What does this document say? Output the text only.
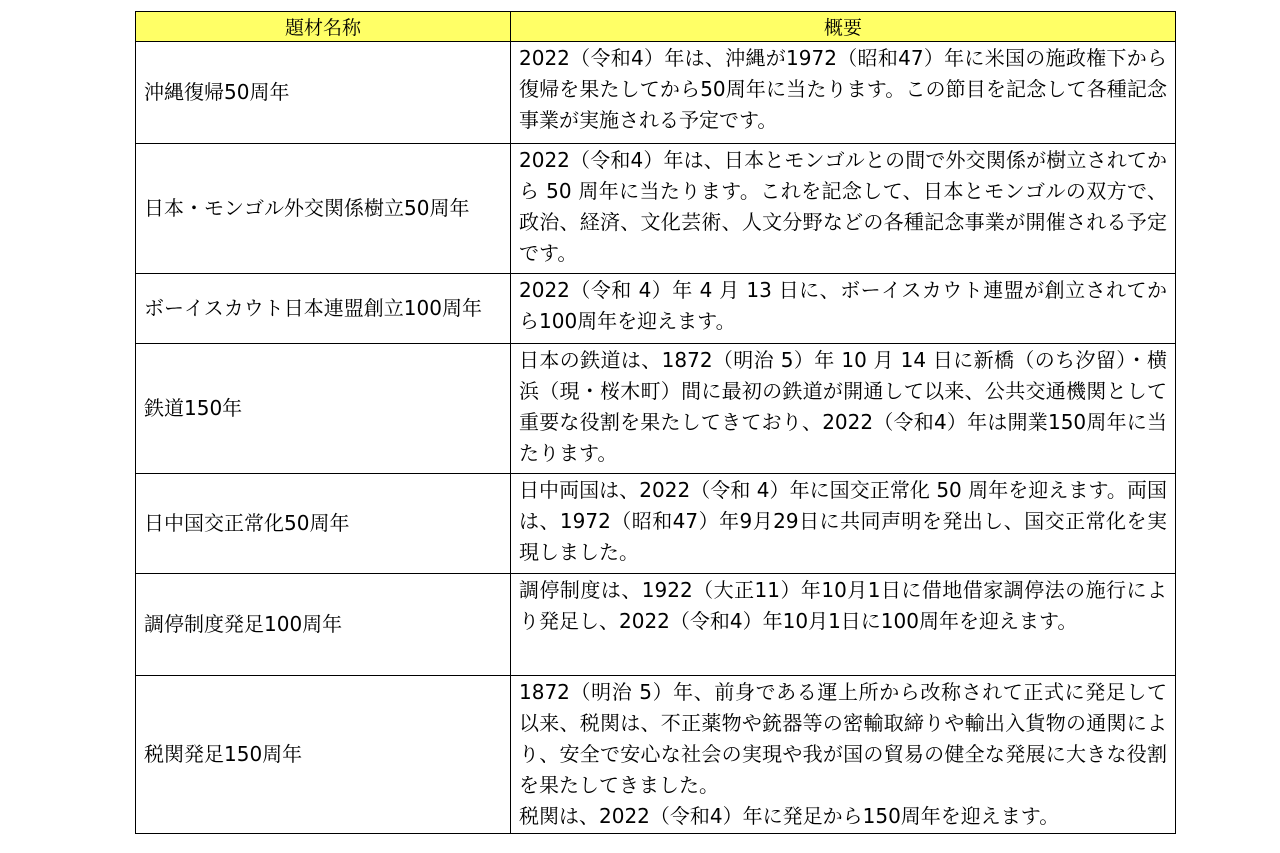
題材名称	概要
沖縄復帰50周年	2022（令和4）年は、沖縄が1972（昭和47）年に米国の施政権下から復帰を果たしてから50周年に当たります。この節目を記念して各種記念事業が実施される予定です。

日本・モンゴル外交関係樹立50周年	2022（令和4）年は、日本とモンゴルとの間で外交関係が樹立されてから 50 周年に当たります。これを記念して、日本とモンゴルの双方で、政治、経済、文化芸術、人文分野などの各種記念事業が開催される予定です。

ボーイスカウト日本連盟創立100周年	2022（令和 4）年 4 月 13 日に、ボーイスカウト連盟が創立されてから100周年を迎えます。

鉄道150年	日本の鉄道は、1872（明治 5）年 10 月 14 日に新橋（のち汐留）・横浜（現・桜木町）間に最初の鉄道が開通して以来、公共交通機関として重要な役割を果たしてきており、2022（令和4）年は開業150周年に当たります。

日中国交正常化50周年	日中両国は、2022（令和 4）年に国交正常化 50 周年を迎えます。両国は、1972（昭和47）年9月29日に共同声明を発出し、国交正常化を実現しました。

調停制度発足100周年	調停制度は、1922（大正11）年10月1日に借地借家調停法の施行により発足し、2022（令和4）年10月1日に100周年を迎えます。

税関発足150周年	1872（明治 5）年、前身である運上所から改称されて正式に発足して以来、税関は、不正薬物や銃器等の密輸取締りや輸出入貨物の通関により、安全で安心な社会の実現や我が国の貿易の健全な発展に大きな役割を果たしてきました。

税関は、2022（令和4）年に発足から150周年を迎えます。
